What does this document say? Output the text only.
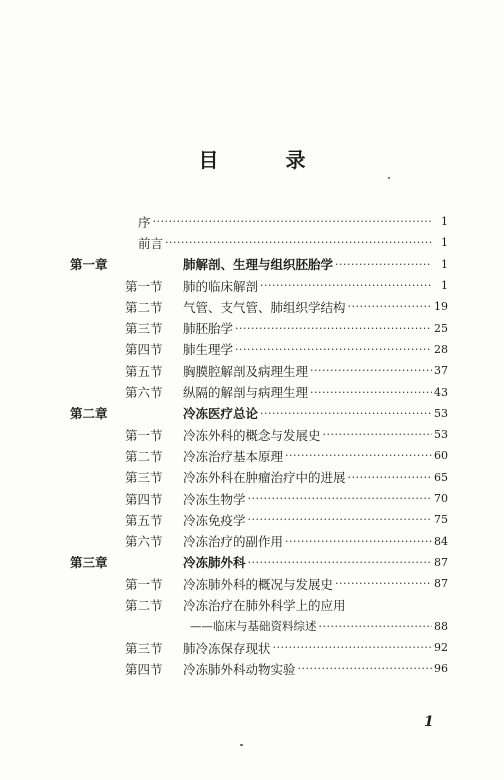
目 录
序 ·····	1
前言 ·····	1
第一章	肺解剖、生理与组织胚胎学 ·····	1
第一节	肺的临床解剖 ·····	1
第二节	气管、支气管、肺组织学结构 ·····	19
第三节	肺胚胎学 ·····	25
第四节	肺生理学 ·····	28
第五节	胸膜腔解剖及病理生理 ·····	37
第六节	纵隔的解剖与病理生理 ·····	43
第二章	冷冻医疗总论 ·····	53
第一节	冷冻外科的概念与发展史 ·····	53
第二节	冷冻治疗基本原理 ·····	60
第三节	冷冻外科在肿瘤治疗中的进展 ·····	65
第四节	冷冻生物学 ·····	70
第五节	冷冻免疫学 ·····	75
第六节	冷冻治疗的副作用 ·····	84
第三章	冷冻肺外科 ·····	87
第一节	冷冻肺外科的概况与发展史 ·····	87
第二节	冷冻治疗在肺外科学上的应用
——临床与基础资料综述 ·····	88
第三节	肺冷冻保存现状 ·····	92
第四节	冷冻肺外科动物实验 ·····	96
1
